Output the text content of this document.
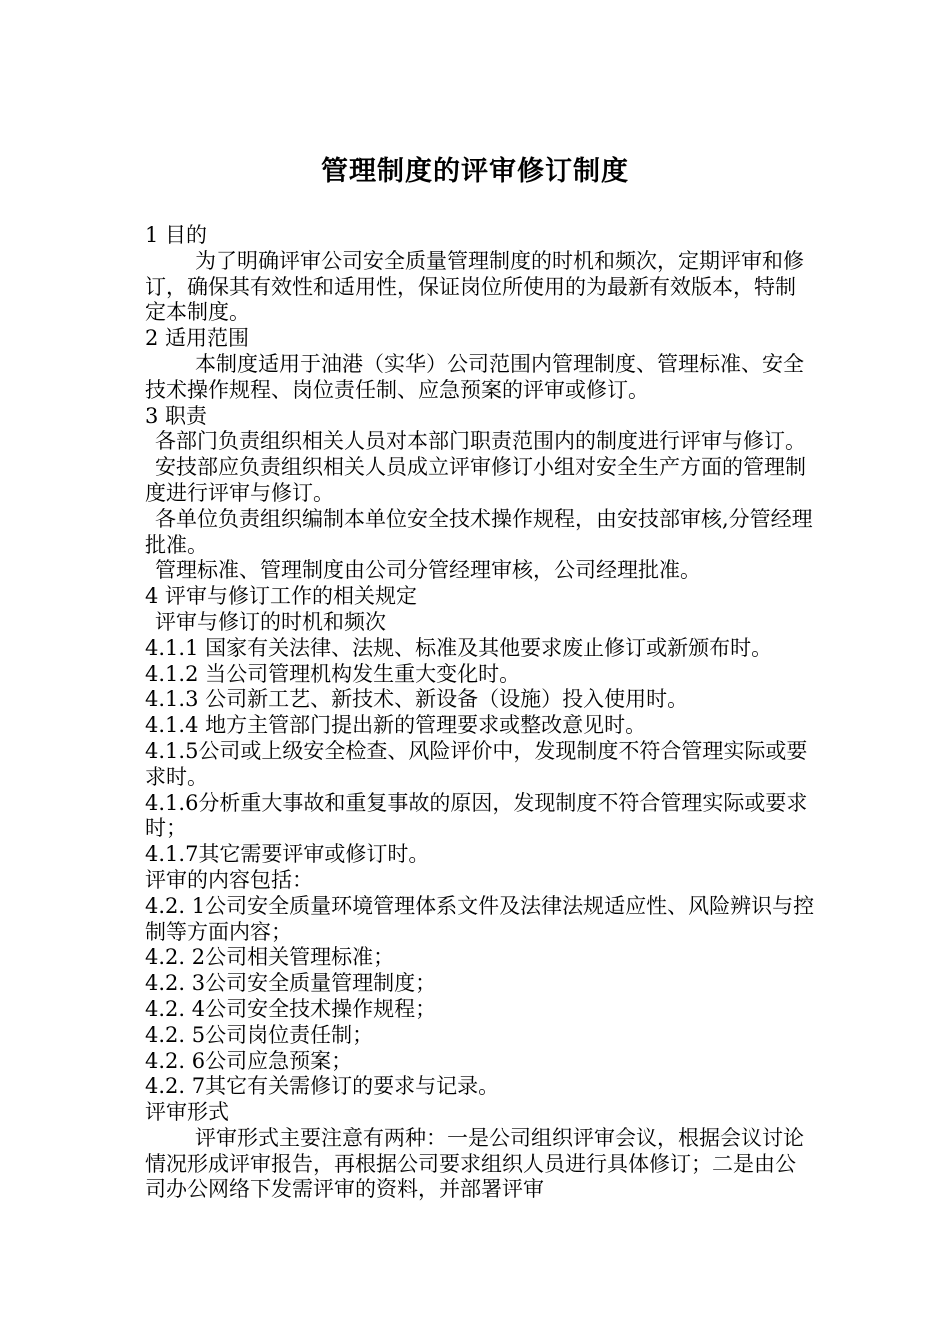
管理制度的评审修订制度

1 目的

为了明确评审公司安全质量管理制度的时机和频次，定期评审和修订，确保其有效性和适用性，保证岗位所使用的为最新有效版本，特制定本制度。

2 适用范围

本制度适用于油港（实华）公司范围内管理制度、管理标准、安全技术操作规程、岗位责任制、应急预案的评审或修订。

3 职责

各部门负责组织相关人员对本部门职责范围内的制度进行评审与修订。

安技部应负责组织相关人员成立评审修订小组对安全生产方面的管理制度进行评审与修订。

各单位负责组织编制本单位安全技术操作规程，由安技部审核,分管经理批准。

管理标准、管理制度由公司分管经理审核，公司经理批准。

4 评审与修订工作的相关规定

评审与修订的时机和频次

4.1.1 国家有关法律、法规、标准及其他要求废止修订或新颁布时。

4.1.2 当公司管理机构发生重大变化时。

4.1.3 公司新工艺、新技术、新设备（设施）投入使用时。

4.1.4 地方主管部门提出新的管理要求或整改意见时。

4.1.5公司或上级安全检查、风险评价中，发现制度不符合管理实际或要求时。

4.1.6分析重大事故和重复事故的原因，发现制度不符合管理实际或要求时；

4.1.7其它需要评审或修订时。

评审的内容包括：

4.2. 1公司安全质量环境管理体系文件及法律法规适应性、风险辨识与控制等方面内容；

4.2. 2公司相关管理标准；

4.2. 3公司安全质量管理制度；

4.2. 4公司安全技术操作规程；

4.2. 5公司岗位责任制；

4.2. 6公司应急预案；

4.2. 7其它有关需修订的要求与记录。

评审形式

评审形式主要注意有两种：一是公司组织评审会议，根据会议讨论情况形成评审报告，再根据公司要求组织人员进行具体修订；二是由公司办公网络下发需评审的资料，并部署评审
